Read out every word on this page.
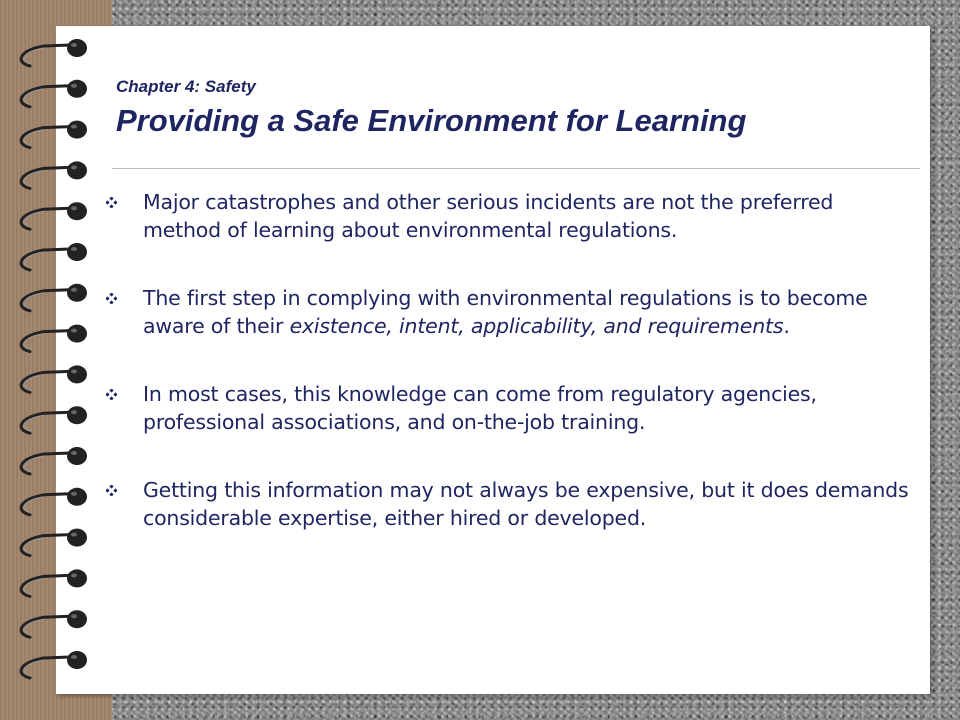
Chapter 4: Safety

Providing a Safe Environment for Learning
Major catastrophes and other serious incidents are not the preferred method of learning about environmental regulations.
The first step in complying with environmental regulations is to become aware of their existence, intent, applicability, and requirements.
In most cases, this knowledge can come from regulatory agencies, professional associations, and on-the-job training.
Getting this information may not always be expensive, but it does demands considerable expertise, either hired or developed.
